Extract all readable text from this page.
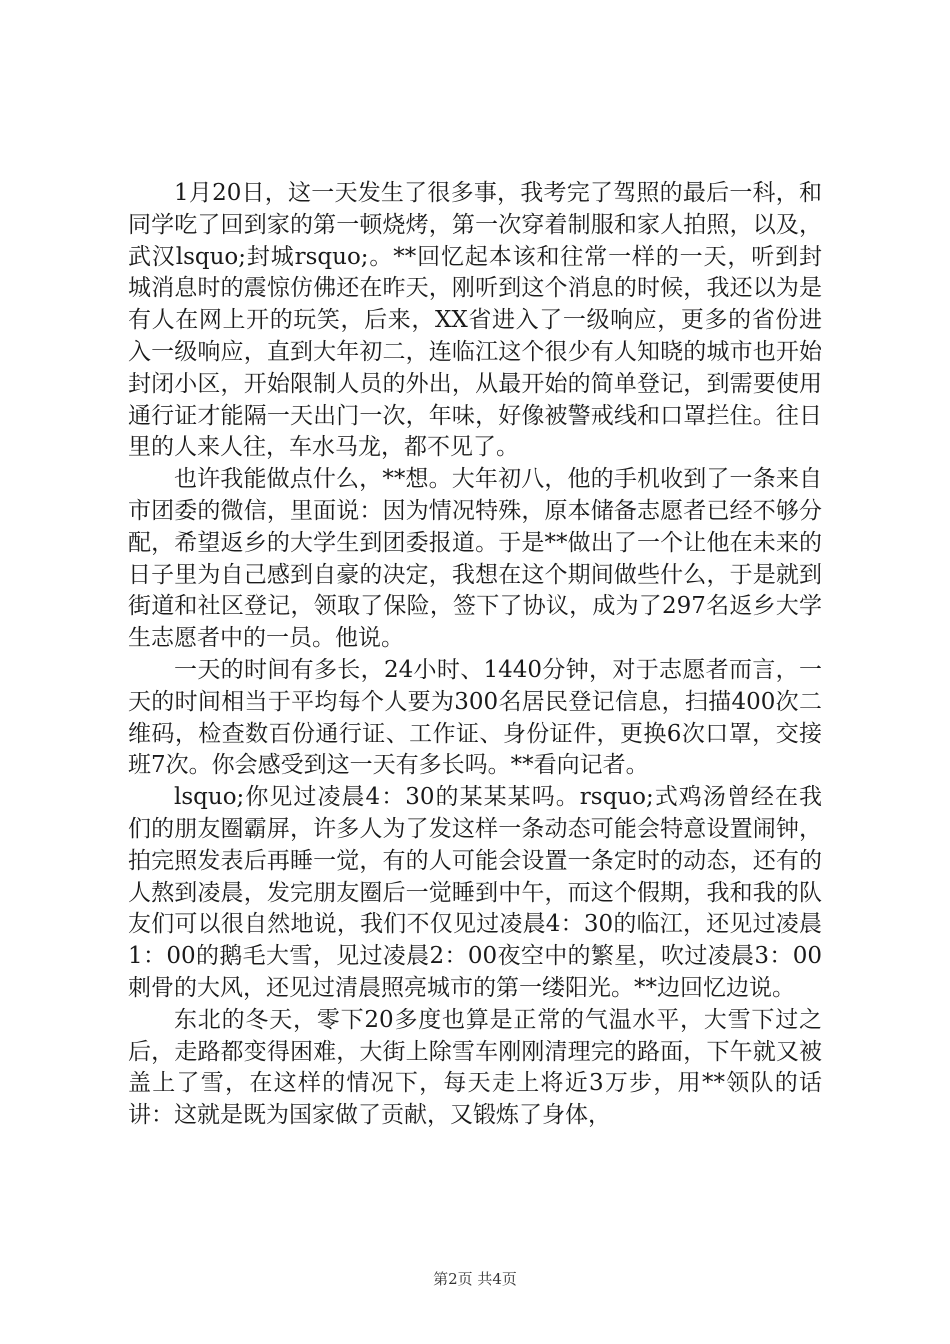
1月20日，这一天发生了很多事，我考完了驾照的最后一科，和同学吃了回到家的第一顿烧烤，第一次穿着制服和家人拍照，以及，武汉lsquo;封城rsquo;。**回忆起本该和往常一样的一天，听到封城消息时的震惊仿佛还在昨天，刚听到这个消息的时候，我还以为是有人在网上开的玩笑，后来，XX省进入了一级响应，更多的省份进入一级响应，直到大年初二，连临江这个很少有人知晓的城市也开始封闭小区，开始限制人员的外出，从最开始的简单登记，到需要使用通行证才能隔一天出门一次，年味，好像被警戒线和口罩拦住。往日里的人来人往，车水马龙，都不见了。

也许我能做点什么，**想。大年初八，他的手机收到了一条来自市团委的微信，里面说：因为情况特殊，原本储备志愿者已经不够分配，希望返乡的大学生到团委报道。于是**做出了一个让他在未来的日子里为自己感到自豪的决定，我想在这个期间做些什么，于是就到街道和社区登记，领取了保险，签下了协议，成为了297名返乡大学生志愿者中的一员。他说。

一天的时间有多长，24小时、1440分钟，对于志愿者而言，一天的时间相当于平均每个人要为300名居民登记信息，扫描400次二维码，检查数百份通行证、工作证、身份证件，更换6次口罩，交接班7次。你会感受到这一天有多长吗。**看向记者。

lsquo;你见过凌晨4：30的某某某吗。rsquo;式鸡汤曾经在我们的朋友圈霸屏，许多人为了发这样一条动态可能会特意设置闹钟，拍完照发表后再睡一觉，有的人可能会设置一条定时的动态，还有的人熬到凌晨，发完朋友圈后一觉睡到中午，而这个假期，我和我的队友们可以很自然地说，我们不仅见过凌晨4：30的临江，还见过凌晨1：00的鹅毛大雪，见过凌晨2：00夜空中的繁星，吹过凌晨3：00刺骨的大风，还见过清晨照亮城市的第一缕阳光。**边回忆边说。

东北的冬天，零下20多度也算是正常的气温水平，大雪下过之后，走路都变得困难，大街上除雪车刚刚清理完的路面，下午就又被盖上了雪，在这样的情况下，每天走上将近3万步，用**领队的话讲：这就是既为国家做了贡献，又锻炼了身体，

第2页 共4页
